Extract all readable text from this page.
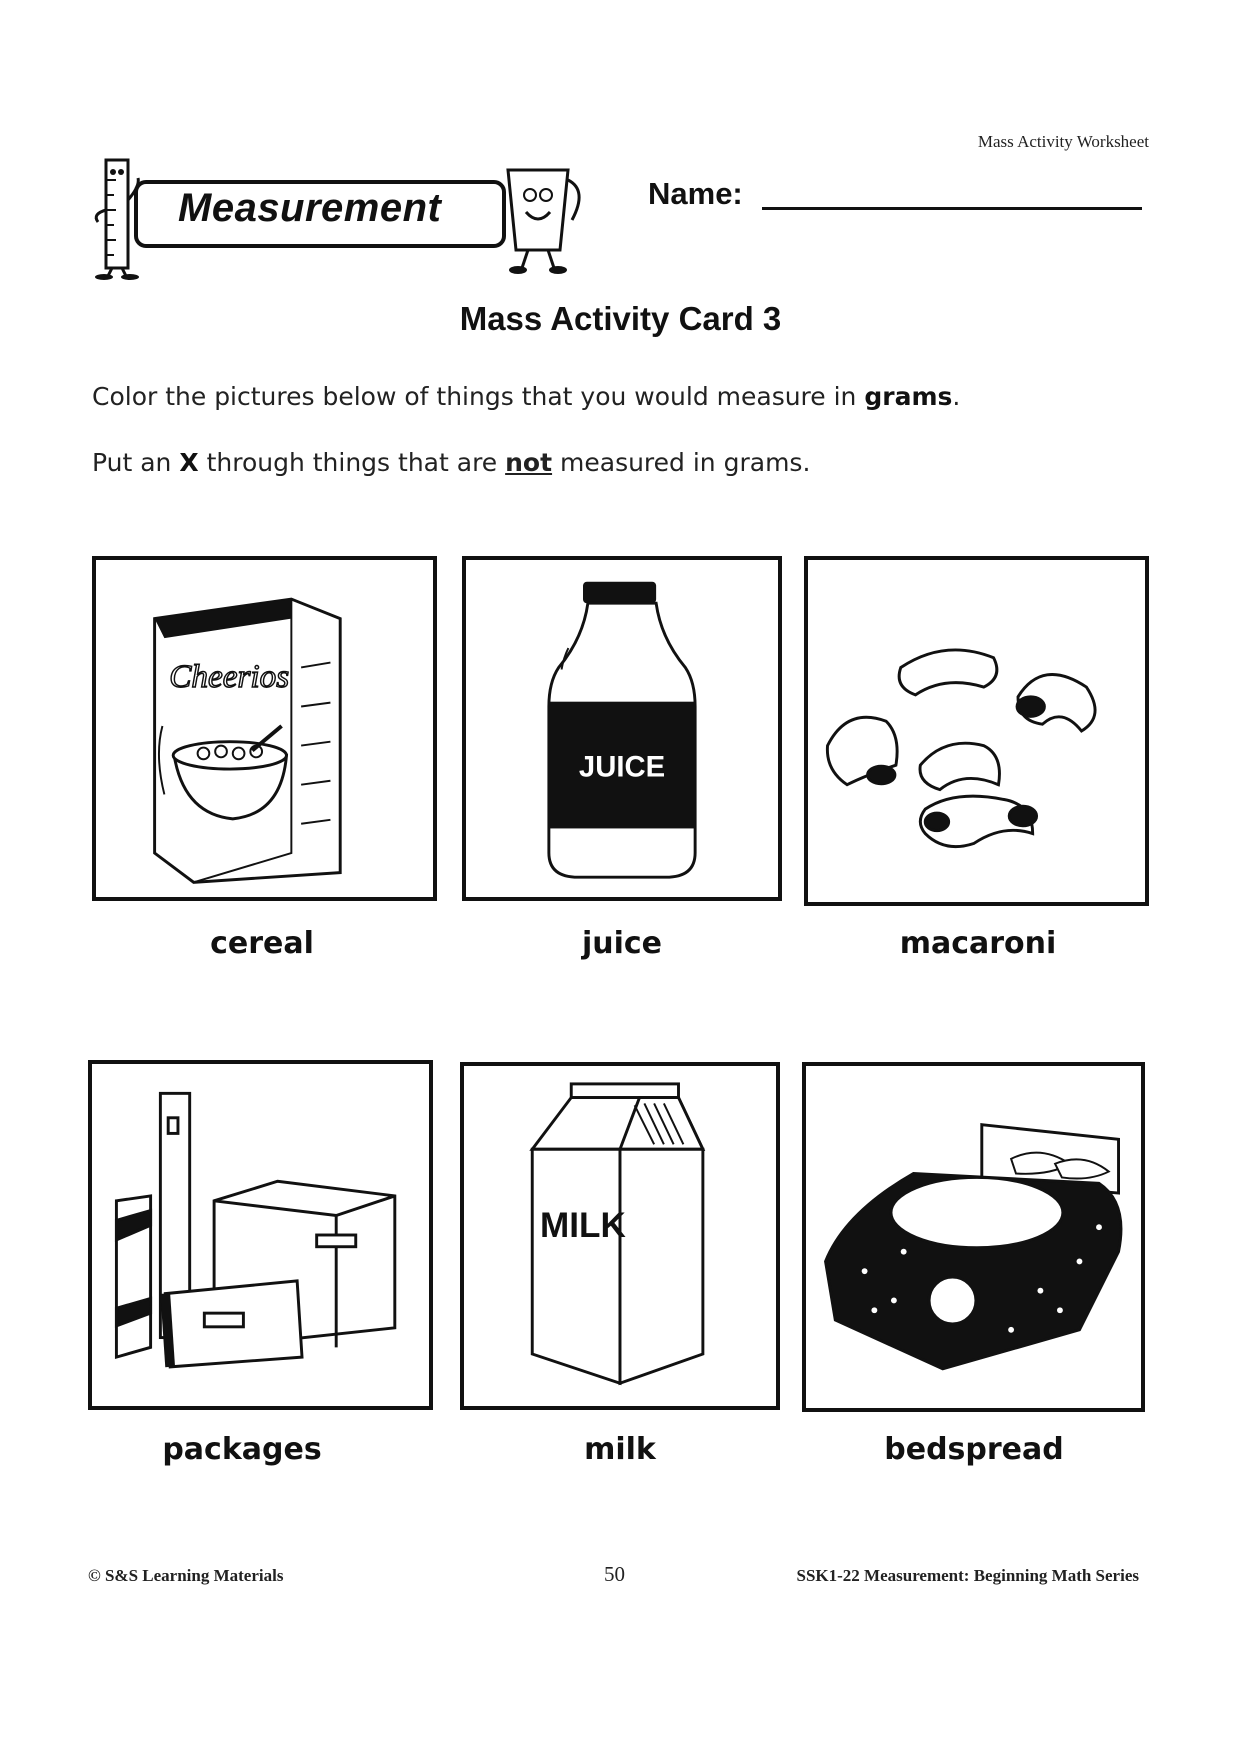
Mass Activity Worksheet
Measurement	Name:
Mass Activity Card 3
Color the pictures below of things that you would measure in grams.
Put an X through things that are not measured in grams.
Cheerios
cereal
JUICE
juice	macaroni
packages
MILK
milk	bedspread
© S&S Learning Materials	50	SSK1-22 Measurement: Beginning Math Series
